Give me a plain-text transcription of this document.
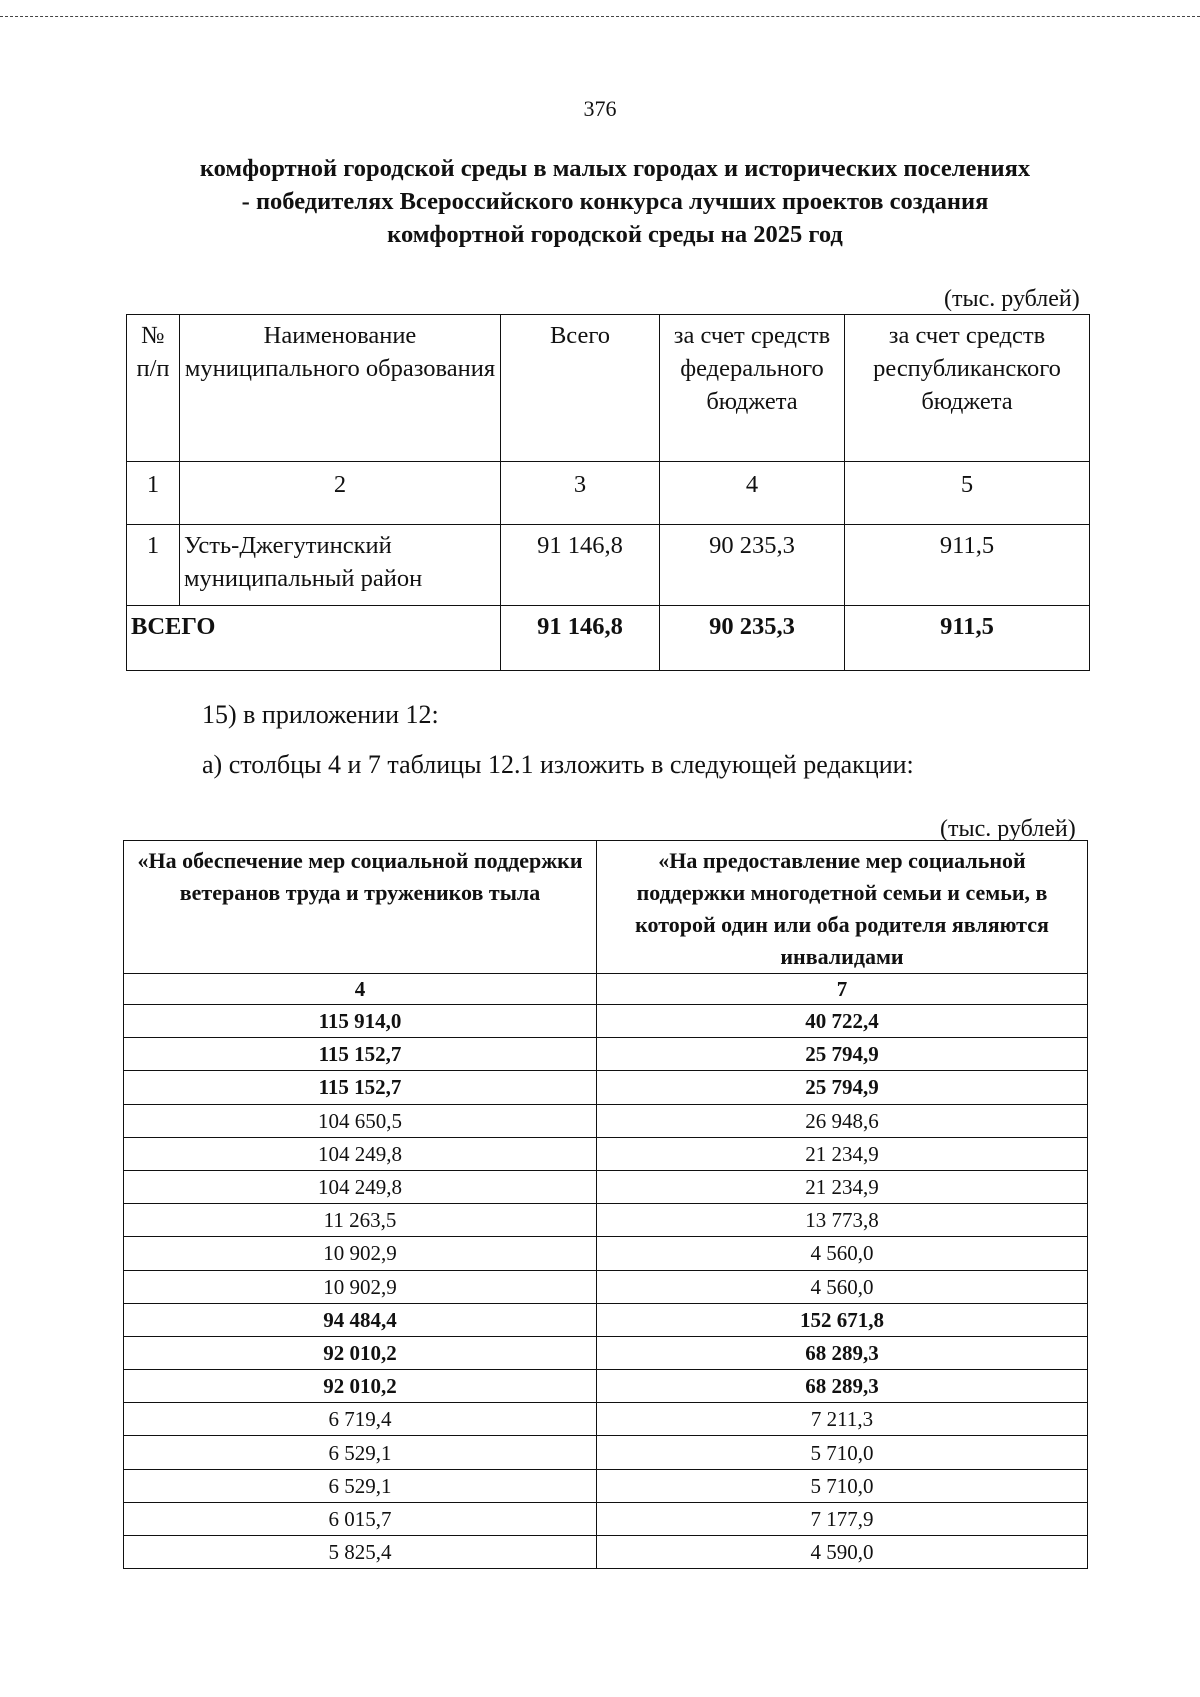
376
комфортной городской среды в малых городах и исторических поселениях
- победителях Всероссийского конкурса лучших проектов создания
комфортной городской среды на 2025 год
(тыс. рублей)
№ п/п	Наименование муниципального образования	Всего	за счет средств федерального бюджета	за счет средств республиканского бюджета
1	2	3	4	5
1	Усть-Джегутинский муниципальный район	91 146,8	90 235,3	911,5
ВСЕГО		91 146,8	90 235,3	911,5
15) в приложении 12:
а) столбцы 4 и 7 таблицы 12.1 изложить в следующей редакции:
(тыс. рублей)
«На обеспечение мер социальной поддержки ветеранов труда и тружеников тыла	«На предоставление мер социальной поддержки многодетной семьи и семьи, в которой один или оба родителя являются инвалидами
4	7
115 914,0	40 722,4
115 152,7	25 794,9
115 152,7	25 794,9
104 650,5	26 948,6
104 249,8	21 234,9
104 249,8	21 234,9
11 263,5	13 773,8
10 902,9	4 560,0
10 902,9	4 560,0
94 484,4	152 671,8
92 010,2	68 289,3
92 010,2	68 289,3
6 719,4	7 211,3
6 529,1	5 710,0
6 529,1	5 710,0
6 015,7	7 177,9
5 825,4	4 590,0
